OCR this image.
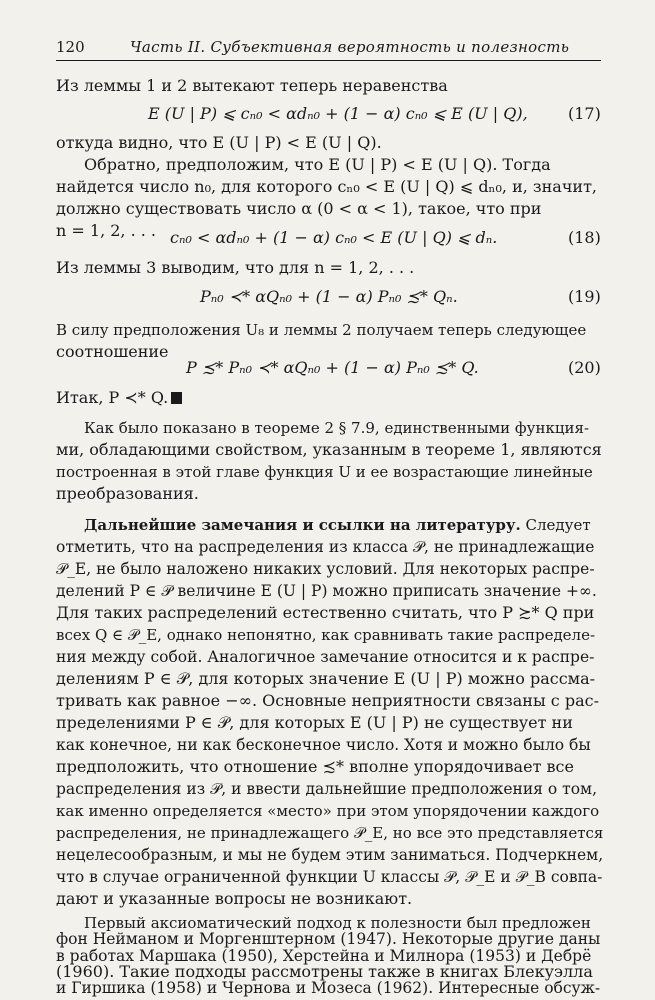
120	Часть II. Субъективная вероятность и полезность
Из леммы 1 и 2 вытекают теперь неравенства
E (U | P) ⩽ cₙ₀ < αdₙ₀ + (1 − α) cₙ₀ ⩽ E (U | Q),	(17)
откуда видно, что E (U | P) < E (U | Q).
Обратно, предположим, что E (U | P) < E (U | Q). Тогда
найдется число n₀, для которого cₙ₀ < E (U | Q) ⩽ dₙ₀, и, значит,
должно существовать число α (0 < α < 1), такое, что при
n = 1, 2, . . . cₙ₀ < αdₙ₀ + (1 − α) cₙ₀ < E (U | Q) ⩽ dₙ.	(18)
Из леммы 3 выводим, что для n = 1, 2, . . .
Pₙ₀ ≺* αQₙ₀ + (1 − α) Pₙ₀ ≾* Qₙ.	(19)
В силу предположения U₈ и леммы 2 получаем теперь следующее
соотношение
P ≾* Pₙ₀ ≺* αQₙ₀ + (1 − α) Pₙ₀ ≾* Q.	(20)
Итак, P ≺* Q.
Как было показано в теореме 2 § 7.9, единственными функция-
ми, обладающими свойством, указанным в теореме 1, являются
построенная в этой главе функция U и ее возрастающие линейные
преобразования.
Дальнейшие замечания и ссылки на литературу. Следует
отметить, что на распределения из класса 𝒫, не принадлежащие
𝒫_E, не было наложено никаких условий. Для некоторых распре-
делений P ∈ 𝒫 величине E (U | P) можно приписать значение +∞.
Для таких распределений естественно считать, что P ≿* Q при
всех Q ∈ 𝒫_E, однако непонятно, как сравнивать такие распределе-
ния между собой. Аналогичное замечание относится и к распре-
делениям P ∈ 𝒫, для которых значение E (U | P) можно рассма-
тривать как равное −∞. Основные неприятности связаны с рас-
пределениями P ∈ 𝒫, для которых E (U | P) не существует ни
как конечное, ни как бесконечное число. Хотя и можно было бы
предположить, что отношение ≾* вполне упорядочивает все
распределения из 𝒫, и ввести дальнейшие предположения о том,
как именно определяется «место» при этом упорядочении каждого
распределения, не принадлежащего 𝒫_E, но все это представляется
нецелесообразным, и мы не будем этим заниматься. Подчеркнем,
что в случае ограниченной функции U классы 𝒫, 𝒫_E и 𝒫_B совпа-
дают и указанные вопросы не возникают.
Первый аксиоматический подход к полезности был предложен
фон Нейманом и Моргенштерном (1947). Некоторые другие даны
в работах Маршака (1950), Херстейна и Милнора (1953) и Дебрё
(1960). Такие подходы рассмотрены также в книгах Блекуэлла
и Гиршика (1958) и Чернова и Мозеса (1962). Интересные обсуж-
